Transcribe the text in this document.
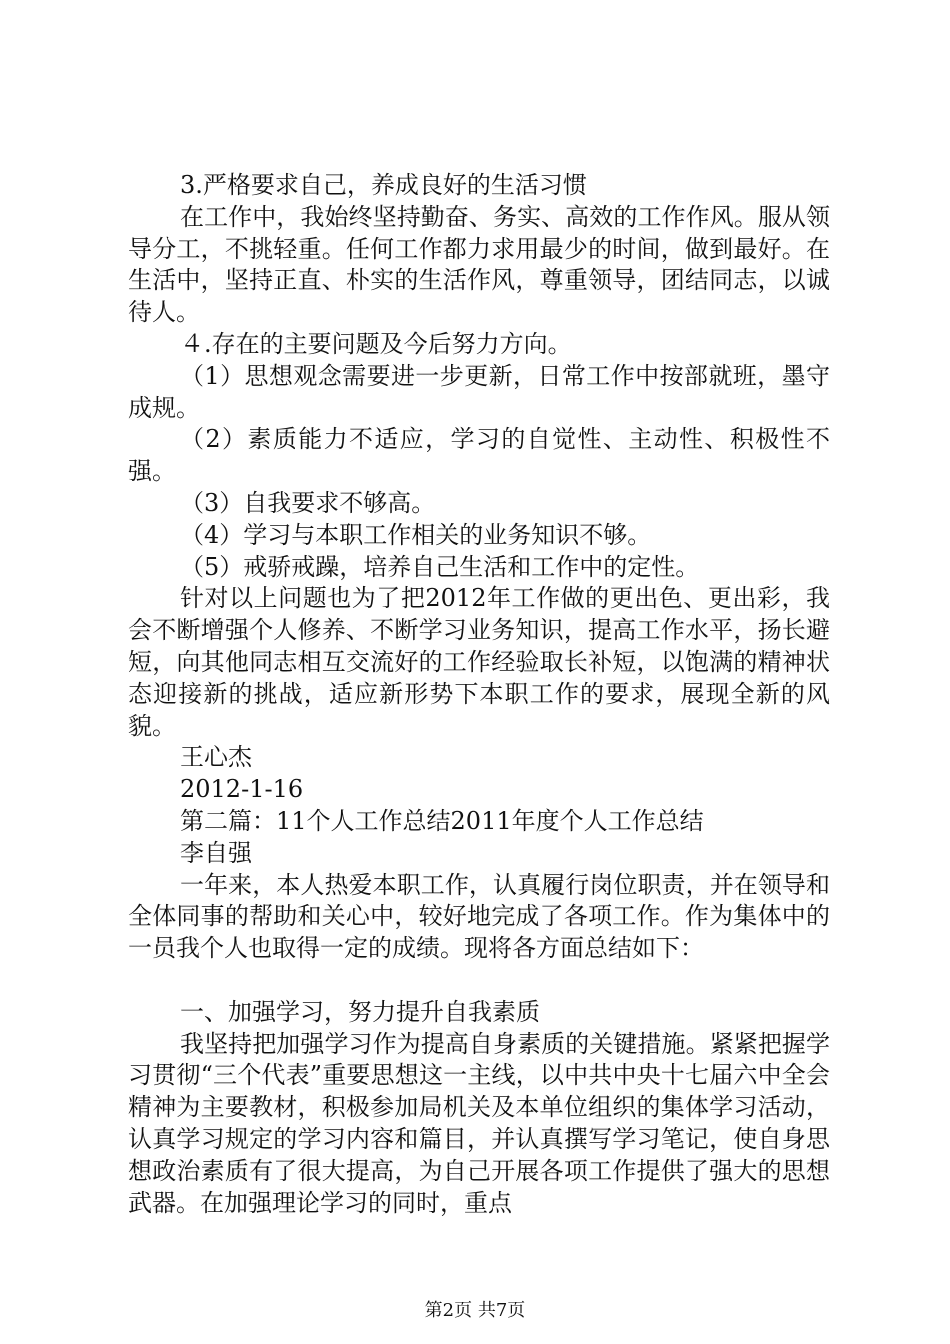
3.严格要求自己，养成良好的生活习惯

在工作中，我始终坚持勤奋、务实、高效的工作作风。服从领导分工，不挑轻重。任何工作都力求用最少的时间，做到最好。在生活中，坚持正直、朴实的生活作风，尊重领导，团结同志，以诚待人。

４.存在的主要问题及今后努力方向。

（1）思想观念需要进一步更新，日常工作中按部就班，墨守成规。

（2）素质能力不适应，学习的自觉性、主动性、积极性不强。

（3）自我要求不够高。

（4）学习与本职工作相关的业务知识不够。

（5）戒骄戒躁，培养自己生活和工作中的定性。

针对以上问题也为了把2012年工作做的更出色、更出彩，我会不断增强个人修养、不断学习业务知识，提高工作水平，扬长避短，向其他同志相互交流好的工作经验取长补短，以饱满的精神状态迎接新的挑战，适应新形势下本职工作的要求，展现全新的风貌。

王心杰

2012-1-16

第二篇：11个人工作总结2011年度个人工作总结

李自强

一年来，本人热爱本职工作，认真履行岗位职责，并在领导和全体同事的帮助和关心中，较好地完成了各项工作。作为集体中的一员我个人也取得一定的成绩。现将各方面总结如下：

一、加强学习，努力提升自我素质

我坚持把加强学习作为提高自身素质的关键措施。紧紧把握学习贯彻“三个代表”重要思想这一主线，以中共中央十七届六中全会精神为主要教材，积极参加局机关及本单位组织的集体学习活动，认真学习规定的学习内容和篇目，并认真撰写学习笔记，使自身思想政治素质有了很大提高，为自己开展各项工作提供了强大的思想武器。在加强理论学习的同时，重点

第2页 共7页
